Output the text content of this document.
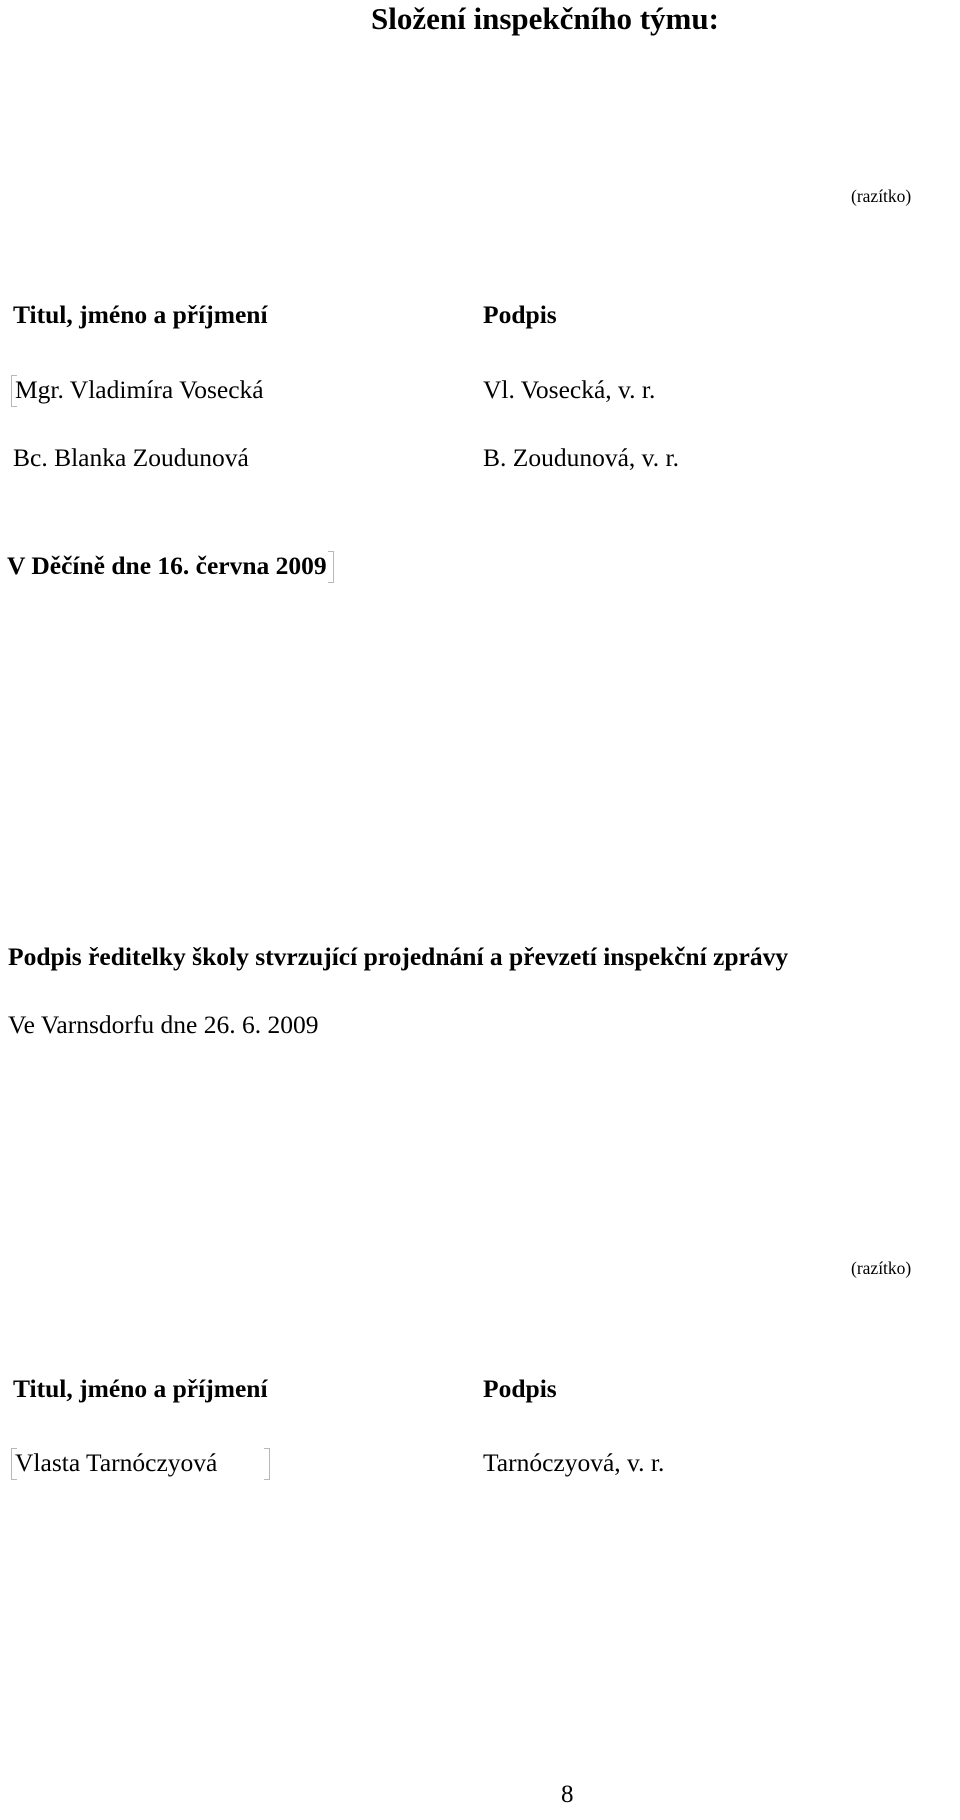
Složení inspekčního týmu:
(razítko)
Titul, jméno a příjmení	Podpis
Mgr. Vladimíra Vosecká	Vl. Vosecká, v. r.
Bc. Blanka Zoudunová	B. Zoudunová, v. r.
V Děčíně dne 16. června 2009
Podpis ředitelky školy stvrzující projednání a převzetí inspekční zprávy
Ve Varnsdorfu dne 26. 6. 2009
(razítko)
Titul, jméno a příjmení	Podpis
Vlasta Tarnóczyová	Tarnóczyová, v. r.
8
